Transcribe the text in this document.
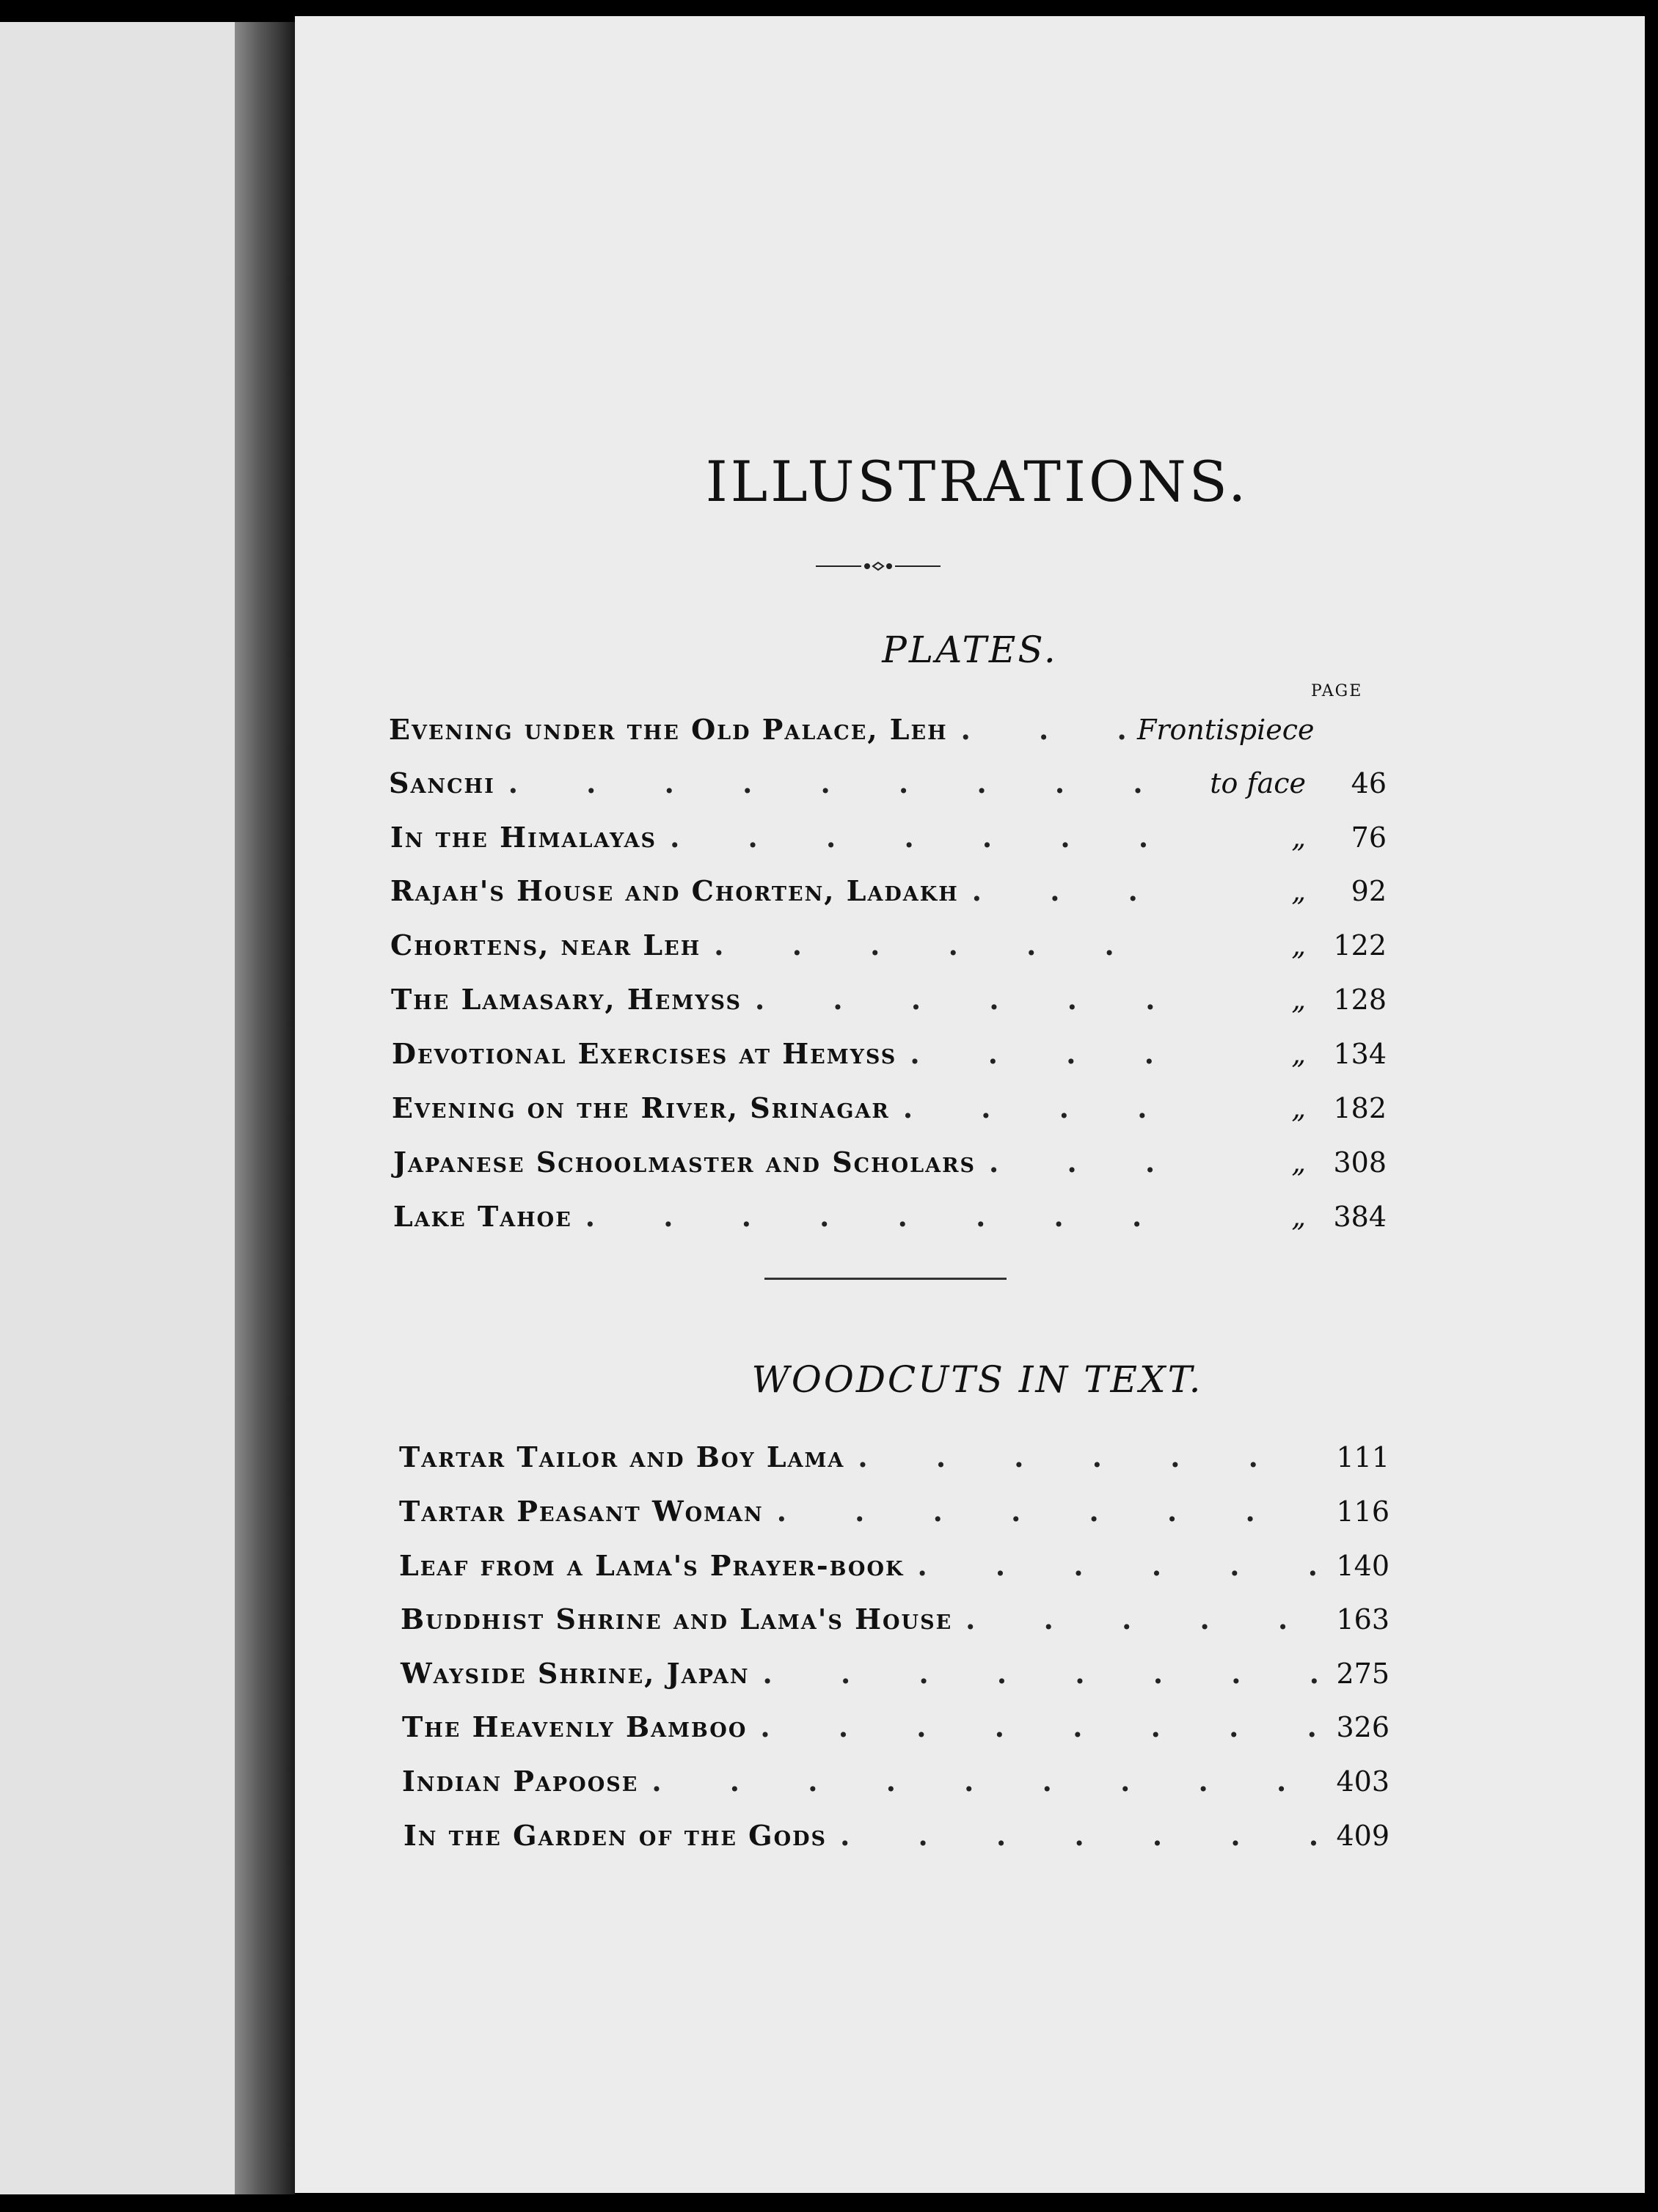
ILLUSTRATIONS.
PLATES.
PAGE
Evening under the Old Palace, Leh . . .	Frontispiece
Sanchi . . .	to face	46
In the Himalayas . . .	„	76
Rajah's House and Chorten, Ladakh . . .	„	92
Chortens, near Leh . . .	„ 122
The Lamasary, Hemyss . . .	„ 128
Devotional Exercises at Hemyss . . .	„ 134
Evening on the River, Srinagar . . .	„ 182
Japanese Schoolmaster and Scholars . . .	„ 308
Lake Tahoe . . .	„ 384
WOODCUTS IN TEXT.
Tartar Tailor and Boy Lama . . .	111
Tartar Peasant Woman . . .	116
Leaf from a Lama's Prayer-book . . .	140
Buddhist Shrine and Lama's House . . .	163
Wayside Shrine, Japan . . .	275
The Heavenly Bamboo . . .	326
Indian Papoose . . .	403
In the Garden of the Gods . . .	409
